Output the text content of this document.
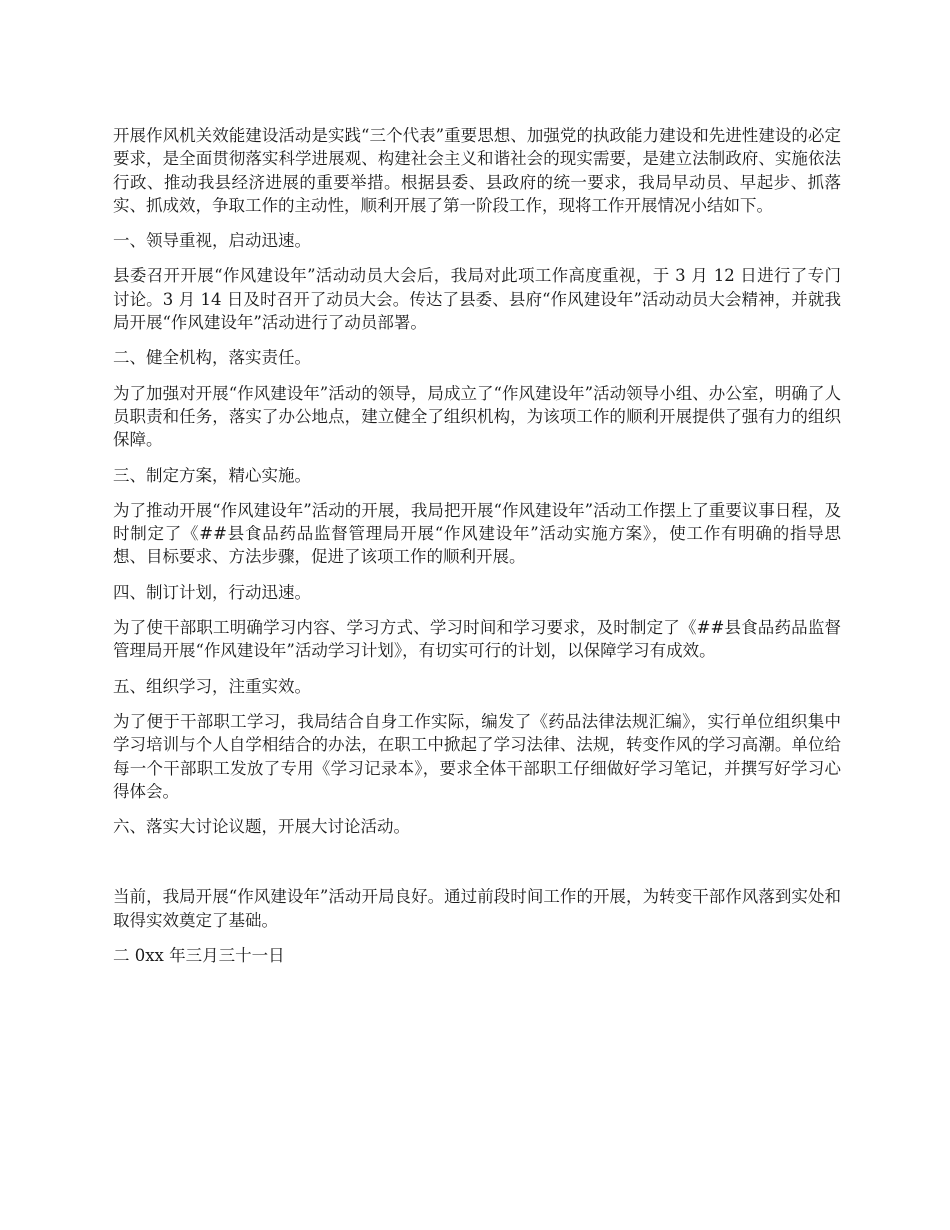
开展作风机关效能建设活动是实践“三个代表”重要思想、加强党的执政能力建设和先进性建设的必定要求，是全面贯彻落实科学进展观、构建社会主义和谐社会的现实需要，是建立法制政府、实施依法行政、推动我县经济进展的重要举措。根据县委、县政府的统一要求，我局早动员、早起步、抓落实、抓成效，争取工作的主动性，顺利开展了第一阶段工作，现将工作开展情况小结如下。

一、领导重视，启动迅速。

县委召开开展“作风建设年”活动动员大会后，我局对此项工作高度重视，于 3 月 12 日进行了专门讨论。3 月 14 日及时召开了动员大会。传达了县委、县府“作风建设年”活动动员大会精神，并就我局开展“作风建设年”活动进行了动员部署。

二、健全机构，落实责任。

为了加强对开展“作风建设年”活动的领导，局成立了“作风建设年”活动领导小组、办公室，明确了人员职责和任务，落实了办公地点，建立健全了组织机构，为该项工作的顺利开展提供了强有力的组织保障。

三、制定方案，精心实施。

为了推动开展“作风建设年”活动的开展，我局把开展“作风建设年”活动工作摆上了重要议事日程，及时制定了《##县食品药品监督管理局开展“作风建设年”活动实施方案》，使工作有明确的指导思想、目标要求、方法步骤，促进了该项工作的顺利开展。

四、制订计划，行动迅速。

为了使干部职工明确学习内容、学习方式、学习时间和学习要求，及时制定了《##县食品药品监督管理局开展“作风建设年”活动学习计划》，有切实可行的计划，以保障学习有成效。

五、组织学习，注重实效。

为了便于干部职工学习，我局结合自身工作实际，编发了《药品法律法规汇编》，实行单位组织集中学习培训与个人自学相结合的办法，在职工中掀起了学习法律、法规，转变作风的学习高潮。单位给每一个干部职工发放了专用《学习记录本》，要求全体干部职工仔细做好学习笔记，并撰写好学习心得体会。

六、落实大讨论议题，开展大讨论活动。

当前，我局开展“作风建设年”活动开局良好。通过前段时间工作的开展，为转变干部作风落到实处和取得实效奠定了基础。

二 0xx 年三月三十一日
